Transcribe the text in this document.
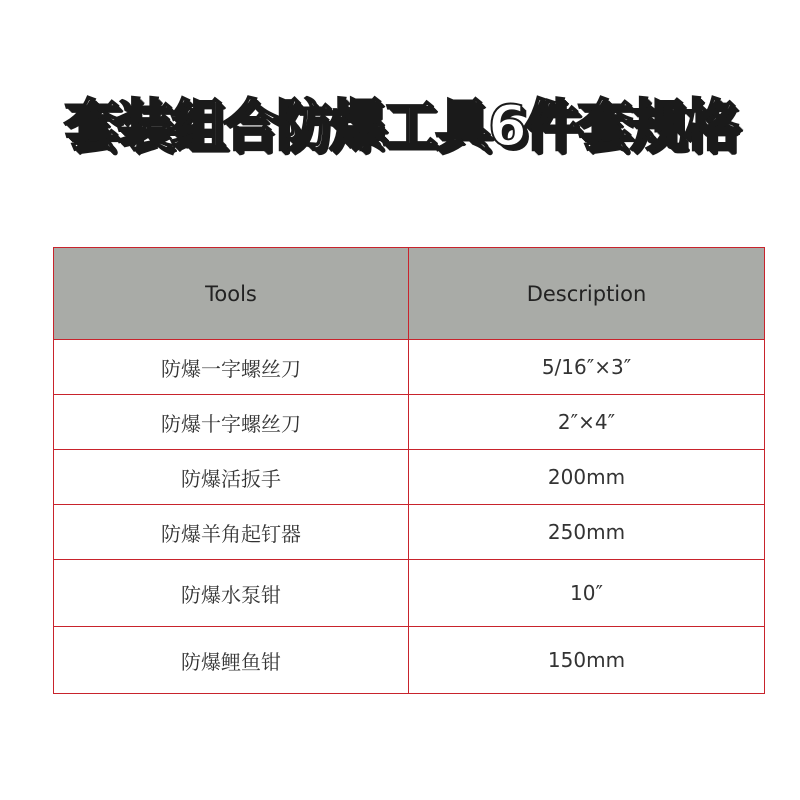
套装组合防爆工具6件套规格
Tools	Description
防爆一字螺丝刀	5/16″×3″
防爆十字螺丝刀	2″×4″
防爆活扳手	200mm
防爆羊角起钉器	250mm
防爆水泵钳	10″
防爆鲤鱼钳	150mm
